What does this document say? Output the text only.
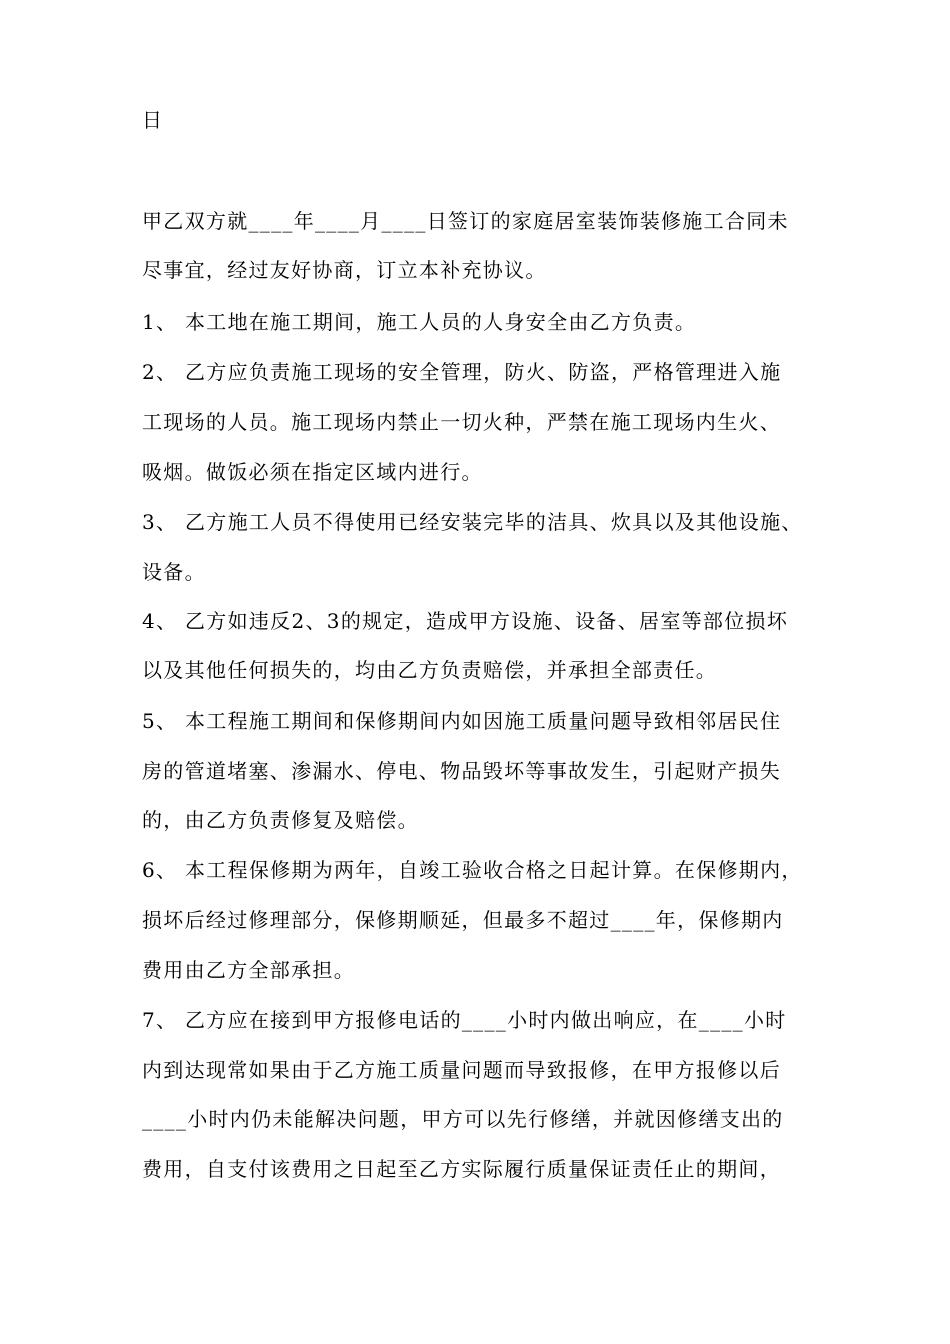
日
甲乙双方就____年____月____日签订的家庭居室装饰装修施工合同未
尽事宜，经过友好协商，订立本补充协议。
1、 本工地在施工期间，施工人员的人身安全由乙方负责。
2、 乙方应负责施工现场的安全管理，防火、防盗，严格管理进入施
工现场的人员。施工现场内禁止一切火种，严禁在施工现场内生火、
吸烟。做饭必须在指定区域内进行。
3、 乙方施工人员不得使用已经安装完毕的洁具、炊具以及其他设施、
设备。
4、 乙方如违反2、3的规定，造成甲方设施、设备、居室等部位损坏
以及其他任何损失的，均由乙方负责赔偿，并承担全部责任。
5、 本工程施工期间和保修期间内如因施工质量问题导致相邻居民住
房的管道堵塞、渗漏水、停电、物品毁坏等事故发生，引起财产损失
的，由乙方负责修复及赔偿。
6、 本工程保修期为两年，自竣工验收合格之日起计算。在保修期内，
损坏后经过修理部分，保修期顺延，但最多不超过____年，保修期内
费用由乙方全部承担。
7、 乙方应在接到甲方报修电话的____小时内做出响应，在____小时
内到达现常如果由于乙方施工质量问题而导致报修，在甲方报修以后
____小时内仍未能解决问题，甲方可以先行修缮，并就因修缮支出的
费用，自支付该费用之日起至乙方实际履行质量保证责任止的期间，
